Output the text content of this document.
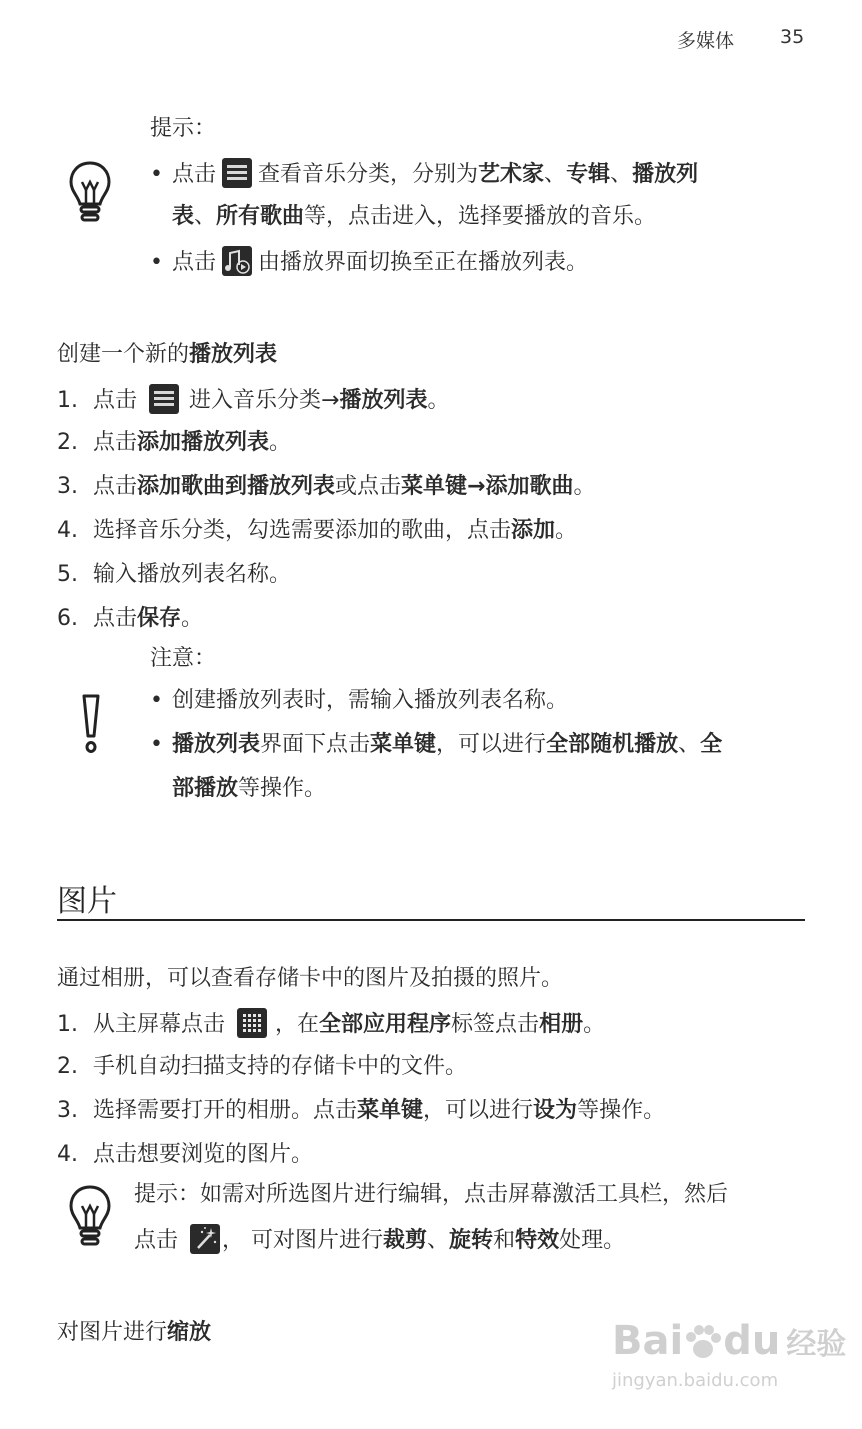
多媒体 35
提示：
• 点击 查看音乐分类，分别为艺术家、专辑、播放列
表、所有歌曲等，点击进入，选择要播放的音乐。
• 点击 由播放界面切换至正在播放列表。
创建一个新的播放列表
1. 点击 进入音乐分类→播放列表。
2. 点击添加播放列表。
3. 点击添加歌曲到播放列表或点击菜单键→添加歌曲。
4. 选择音乐分类，勾选需要添加的歌曲，点击添加。
5. 输入播放列表名称。
6. 点击保存。
注意：
• 创建播放列表时，需输入播放列表名称。
• 播放列表界面下点击菜单键，可以进行全部随机播放、全
部播放等操作。
图片
通过相册，可以查看存储卡中的图片及拍摄的照片。
1. 从主屏幕点击 ，在全部应用程序标签点击相册。
2. 手机自动扫描支持的存储卡中的文件。
3. 选择需要打开的相册。点击菜单键，可以进行设为等操作。
4. 点击想要浏览的图片。
提示：如需对所选图片进行编辑，点击屏幕激活工具栏，然后
点击 ， 可对图片进行裁剪、旋转和特效处理。
对图片进行缩放	Bai du 经验
jingyan.baidu.com
